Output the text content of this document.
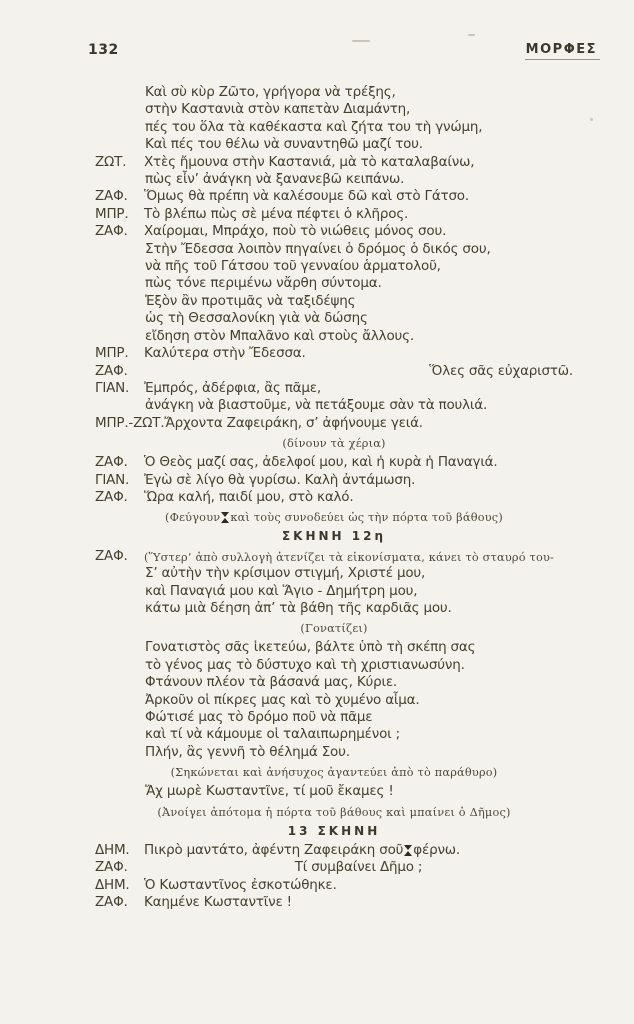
132	ΜΟΡΦΕΣ
Καὶ σὺ κὺρ Ζῶτο, γρήγορα νὰ τρέξης,
στὴν Καστανιὰ στὸν καπετὰν Διαμάντη,
πές του ὅλα τὰ καθέκαστα καὶ ζήτα του τὴ γνώμη,
Καὶ πές του θέλω νὰ συναντηθῶ μαζί του.
ΖΩΤ.	Χτὲς ἤμουνα στὴν Καστανιά, μὰ τὸ καταλαβαίνω,
πὼς εἶν’ ἀνάγκη νὰ ξανανεβῶ κειπάνω.
ΖΑΦ.	Ὅμως θὰ πρέπη νὰ καλέσουμε δῶ καὶ στὸ Γάτσο.
ΜΠΡ.	Τὸ βλέπω πὼς σὲ μένα πέφτει ὁ κλῆρος.
ΖΑΦ.	Χαίρομαι, Μπράχο, ποὺ τὸ νιώθεις μόνος σου.
Στὴν Ἔδεσσα λοιπὸν πηγαίνει ὁ δρόμος ὁ δικός σου,
νὰ πῆς τοῦ Γάτσου τοῦ γενναίου ἁρματολοῦ,
πὼς τόνε περιμένω νἄρθη σύντομα.
Ἐξὸν ἂν προτιμᾶς νὰ ταξιδέψης
ὡς τὴ Θεσσαλονίκη γιὰ νὰ δώσης
εἴδηση στὸν Μπαλᾶνο καὶ στοὺς ἄλλους.
ΜΠΡ.	Καλύτερα στὴν Ἔδεσσα.
ΖΑΦ.	Ὅλες σᾶς εὐχαριστῶ.
ΓΙΑΝ.	Ἐμπρός, ἀδέρφια, ἂς πᾶμε,
ἀνάγκη νὰ βιαστοῦμε, νὰ πετάξουμε σὰν τὰ πουλιά.
ΜΠΡ.-ΖΩΤ. Ἄρχοντα Ζαφειράκη, σ’ ἀφήνουμε γειά.
(δίνουν τὰ χέρια)
ΖΑΦ.	Ὁ Θεὸς μαζί σας, ἀδελφοί μου, καὶ ἡ κυρὰ ἡ Παναγιά.
ΓΙΑΝ.	Ἐγὼ σὲ λίγο θὰ γυρίσω. Καλὴ ἀντάμωση.
ΖΑΦ.	Ὥρα καλή, παιδί μου, στὸ καλό.
(Φεύγουν καὶ τοὺς συνοδεύει ὡς τὴν πόρτα τοῦ βάθους)
ΣΚΗΝΗ 12η
ΖΑΦ.	(Ὕστερ’ ἀπὸ συλλογὴ ἀτενίζει τὰ εἰκονίσματα, κάνει τὸ σταυρό του-
Σ’ αὐτὴν τὴν κρίσιμον στιγμή, Χριστέ μου,
καὶ Παναγιά μου καὶ Ἅγιο - Δημήτρη μου,
κάτω μιὰ δέηση ἀπ’ τὰ βάθη τῆς καρδιᾶς μου.
(Γονατίζει)
Γονατιστὸς σᾶς ἱκετεύω, βάλτε ὑπὸ τὴ σκέπη σας
τὸ γένος μας τὸ δύστυχο καὶ τὴ χριστιανωσύνη.
Φτάνουν πλέον τὰ βάσανά μας, Κύριε.
Ἀρκοῦν οἱ πίκρες μας καὶ τὸ χυμένο αἷμα.
Φώτισέ μας τὸ δρόμο ποῦ νὰ πᾶμε
καὶ τί νὰ κάμουμε οἱ ταλαιπωρημένοι ;
Πλήν, ἂς γεννῆ τὸ θέλημά Σου.
(Σηκώνεται καὶ ἀνήσυχος ἀγαντεύει ἀπὸ τὸ παράθυρο)
Ἄχ μωρὲ Κωσταντῖνε, τί μοῦ ἔκαμες !
(Ἀνοίγει ἀπότομα ἡ πόρτα τοῦ βάθους καὶ μπαίνει ὁ Δῆμος)
13 ΣΚΗΝΗ
ΔΗΜ.	Πικρὸ μαντάτο, ἀφέντη Ζαφειράκη σοῦ φέρνω.
ΖΑΦ.	Τί συμβαίνει Δῆμο ;
ΔΗΜ.	Ὁ Κωσταντῖνος ἐσκοτώθηκε.
ΖΑΦ.	Καημένε Κωσταντῖνε !
